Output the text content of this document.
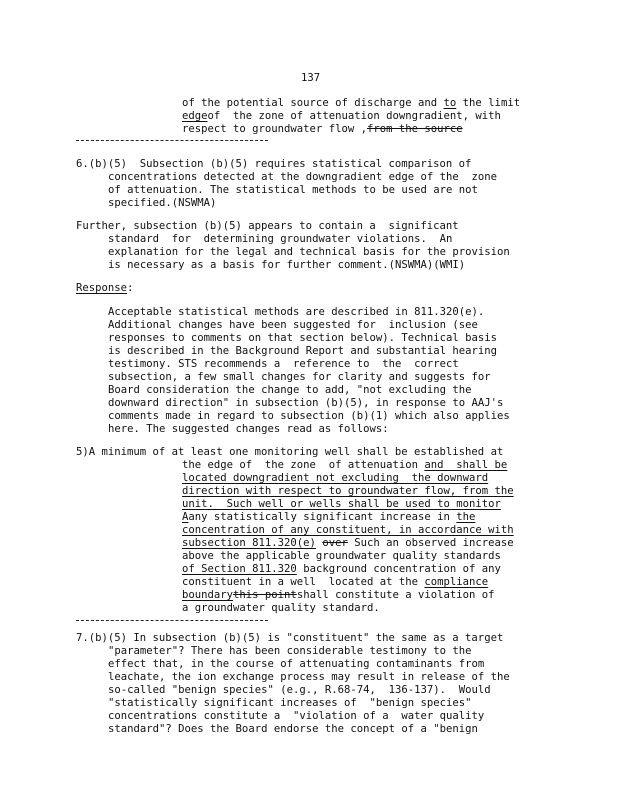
137
of the potential source of discharge and to the limit
edgeof  the zone of attenuation downgradient, with
respect to groundwater flow ,from the source
6.(b)(5)  Subsection (b)(5) requires statistical comparison of
concentrations detected at the downgradient edge of the  zone
of attenuation. The statistical methods to be used are not
specified.(NSWMA)
Further, subsection (b)(5) appears to contain a  significant
standard  for  determining groundwater violations.  An
explanation for the legal and technical basis for the provision
is necessary as a basis for further comment.(NSWMA)(WMI)
Response:
Acceptable statistical methods are described in 811.320(e).
Additional changes have been suggested for  inclusion (see
responses to comments on that section below). Technical basis
is described in the Background Report and substantial hearing
testimony. STS recommends a  reference to  the  correct
subsection, a few small changes for clarity and suggests for
Board consideration the change to add, "not excluding the
downward direction" in subsection (b)(5), in response to AAJ's
comments made in regard to subsection (b)(1) which also applies
here. The suggested changes read as follows:
5)A minimum of at least one monitoring well shall be established at
the edge of  the zone  of attenuation and  shall be
located downgradient not excluding  the downward
direction with respect to groundwater flow, from the
unit.  Such well or wells shall be used to monitor
Aany statistically significant increase in the
concentration of any constituent, in accordance with
subsection 811.320(e) over Such an observed increase
above the applicable groundwater quality standards
of Section 811.320 background concentration of any
constituent in a well  located at the compliance
boundarythis pointshall constitute a violation of
a groundwater quality standard.
7.(b)(5) In subsection (b)(5) is "constituent" the same as a target
"parameter"? There has been considerable testimony to the
effect that, in the course of attenuating contaminants from
leachate, the ion exchange process may result in release of the
so-called "benign species" (e.g., R.68-74,  136-137).  Would
"statistically significant increases of  "benign species"
concentrations constitute a  "violation of a  water quality
standard"? Does the Board endorse the concept of a "benign
